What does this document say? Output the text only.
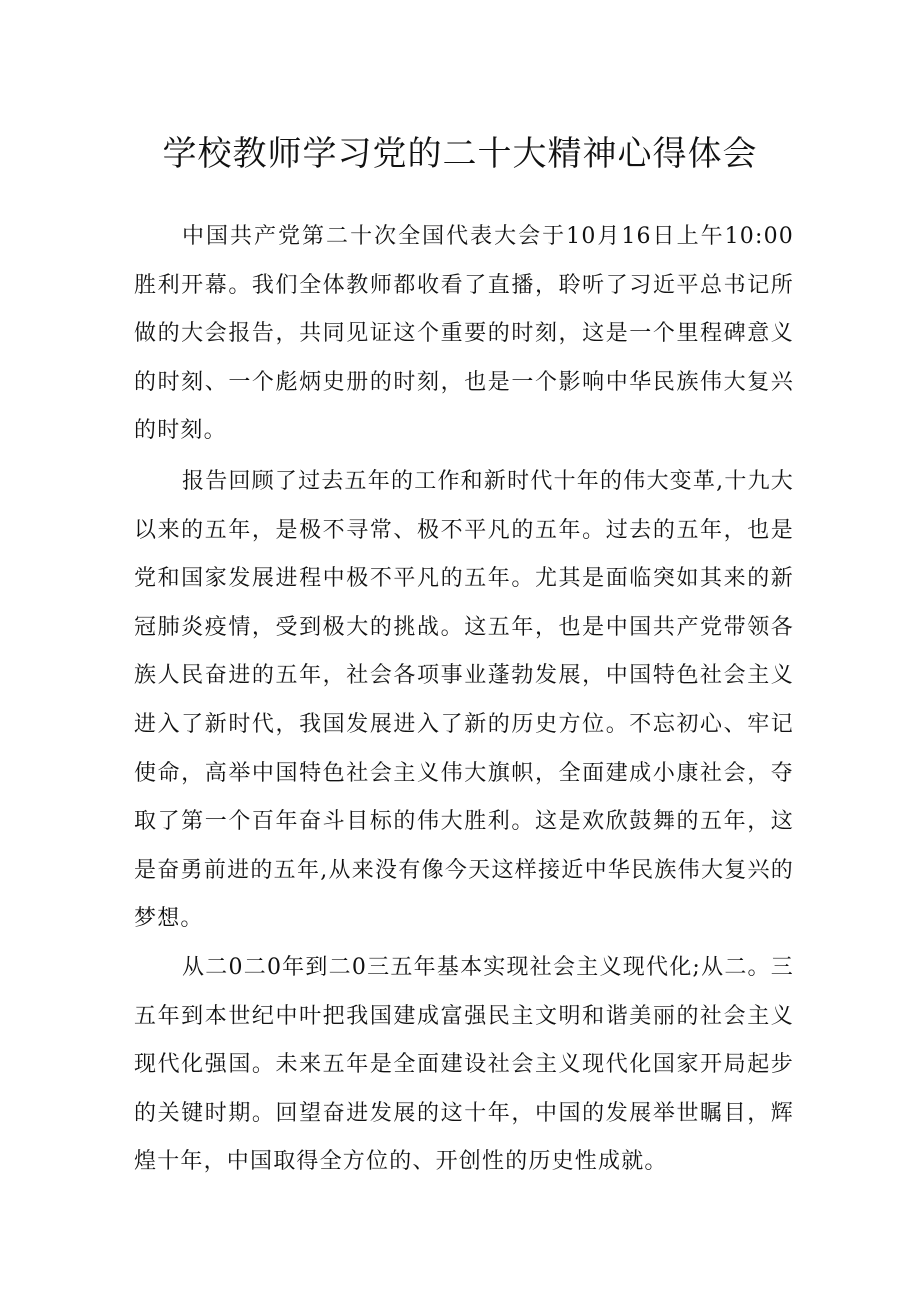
学校教师学习党的二十大精神心得体会

中国共产党第二十次全国代表大会于10月16日上午10:00胜利开幕。我们全体教师都收看了直播，聆听了习近平总书记所做的大会报告，共同见证这个重要的时刻，这是一个里程碑意义的时刻、一个彪炳史册的时刻，也是一个影响中华民族伟大复兴的时刻。

报告回顾了过去五年的工作和新时代十年的伟大变革,十九大以来的五年，是极不寻常、极不平凡的五年。过去的五年，也是党和国家发展进程中极不平凡的五年。尤其是面临突如其来的新冠肺炎疫情，受到极大的挑战。这五年，也是中国共产党带领各族人民奋进的五年，社会各项事业蓬勃发展，中国特色社会主义进入了新时代，我国发展进入了新的历史方位。不忘初心、牢记使命，高举中国特色社会主义伟大旗帜，全面建成小康社会，夺取了第一个百年奋斗目标的伟大胜利。这是欢欣鼓舞的五年，这是奋勇前进的五年,从来没有像今天这样接近中华民族伟大复兴的梦想。

从二0二0年到二0三五年基本实现社会主义现代化;从二。三五年到本世纪中叶把我国建成富强民主文明和谐美丽的社会主义现代化强国。未来五年是全面建设社会主义现代化国家开局起步的关键时期。回望奋进发展的这十年，中国的发展举世瞩目，辉煌十年，中国取得全方位的、开创性的历史性成就。
